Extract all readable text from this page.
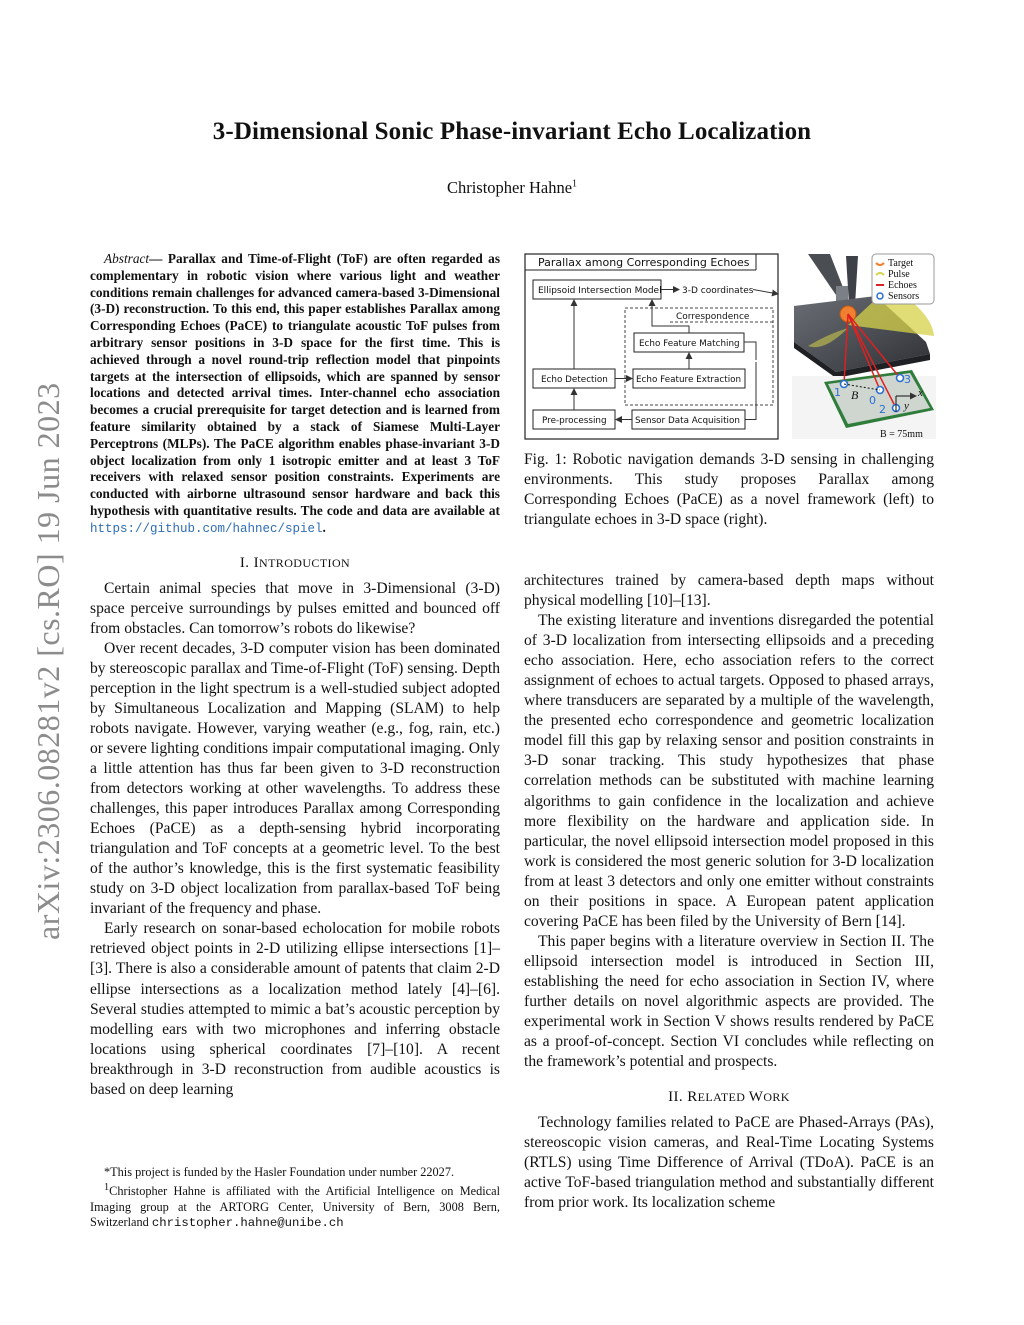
arXiv:2306.08281v2 [cs.RO] 19 Jun 2023
3-Dimensional Sonic Phase-invariant Echo Localization
Christopher Hahne$^1$

Abstract— Parallax and Time-of-Flight (ToF) are often regarded as complementary in robotic vision where various light and weather conditions remain challenges for advanced camera-based 3-Dimensional (3-D) reconstruction. To this end, this paper establishes Parallax among Corresponding Echoes (PaCE) to triangulate acoustic ToF pulses from arbitrary sensor positions in 3-D space for the first time. This is achieved through a novel round-trip reflection model that pinpoints targets at the intersection of ellipsoids, which are spanned by sensor locations and detected arrival times. Inter-channel echo association becomes a crucial prerequisite for target detection and is learned from feature similarity obtained by a stack of Siamese Multi-Layer Perceptrons (MLPs). The PaCE algorithm enables phase-invariant 3-D object localization from only 1 isotropic emitter and at least 3 ToF receivers with relaxed sensor position constraints. Experiments are conducted with airborne ultrasound sensor hardware and back this hypothesis with quantitative results. The code and data are available at https://github.com/hahnec/spiel.

I. INTRODUCTION

Certain animal species that move in 3-Dimensional (3-D) space perceive surroundings by pulses emitted and bounced off from obstacles. Can tomorrow’s robots do likewise?

Over recent decades, 3-D computer vision has been dominated by stereoscopic parallax and Time-of-Flight (ToF) sensing. Depth perception in the light spectrum is a well-studied subject adopted by Simultaneous Localization and Mapping (SLAM) to help robots navigate. However, varying weather (e.g., fog, rain, etc.) or severe lighting conditions impair computational imaging. Only a little attention has thus far been given to 3-D reconstruction from detectors working at other wavelengths. To address these challenges, this paper introduces Parallax among Corresponding Echoes (PaCE) as a depth-sensing hybrid incorporating triangulation and ToF concepts at a geometric level. To the best of the author’s knowledge, this is the first systematic feasibility study on 3-D object localization from parallax-based ToF being invariant of the frequency and phase.

Early research on sonar-based echolocation for mobile robots retrieved object points in 2-D utilizing ellipse intersections [1]–[3]. There is also a considerable amount of patents that claim 2-D ellipse intersections as a localization method lately [4]–[6]. Several studies attempted to mimic a bat’s acoustic perception by modelling ears with two microphones and inferring obstacle locations using spherical coordinates [7]–[10]. A recent breakthrough in 3-D reconstruction from audible acoustics is based on deep learning

*This project is funded by the Hasler Foundation under number 22027.

$^1$Christopher Hahne is affiliated with the Artificial Intelligence on Medical Imaging group at the ARTORG Center, University of Bern, 3008 Bern, Switzerland christopher.hahne@unibe.ch

Parallax among Corresponding Echoes
Ellipsoid Intersection Model 3-D coordinates
Correspondence
Echo Feature Matching
Echo Detection	Echo Feature Extraction
Pre-processing	Sensor Data Acquisition
B
1
0
3
2
x
y
B = 75mm
Target
Pulse
Echoes
Sensors
Fig. 1: Robotic navigation demands 3-D sensing in challenging environments. This study proposes Parallax among Corresponding Echoes (PaCE) as a novel framework (left) to triangulate echoes in 3-D space (right).

architectures trained by camera-based depth maps without physical modelling [10]–[13].

The existing literature and inventions disregarded the potential of 3-D localization from intersecting ellipsoids and a preceding echo association. Here, echo association refers to the correct assignment of echoes to actual targets. Opposed to phased arrays, where transducers are separated by a multiple of the wavelength, the presented echo correspondence and geometric localization model fill this gap by relaxing sensor and position constraints in 3-D sonar tracking. This study hypothesizes that phase correlation methods can be substituted with machine learning algorithms to gain confidence in the localization and achieve more flexibility on the hardware and application side. In particular, the novel ellipsoid intersection model proposed in this work is considered the most generic solution for 3-D localization from at least 3 detectors and only one emitter without constraints on their positions in space. A European patent application covering PaCE has been filed by the University of Bern [14].

This paper begins with a literature overview in Section II. The ellipsoid intersection model is introduced in Section III, establishing the need for echo association in Section IV, where further details on novel algorithmic aspects are provided. The experimental work in Section V shows results rendered by PaCE as a proof-of-concept. Section VI concludes while reflecting on the framework’s potential and prospects.

II. RELATED WORK

Technology families related to PaCE are Phased-Arrays (PAs), stereoscopic vision cameras, and Real-Time Locating Systems (RTLS) using Time Difference of Arrival (TDoA). PaCE is an active ToF-based triangulation method and substantially different from prior work. Its localization scheme
